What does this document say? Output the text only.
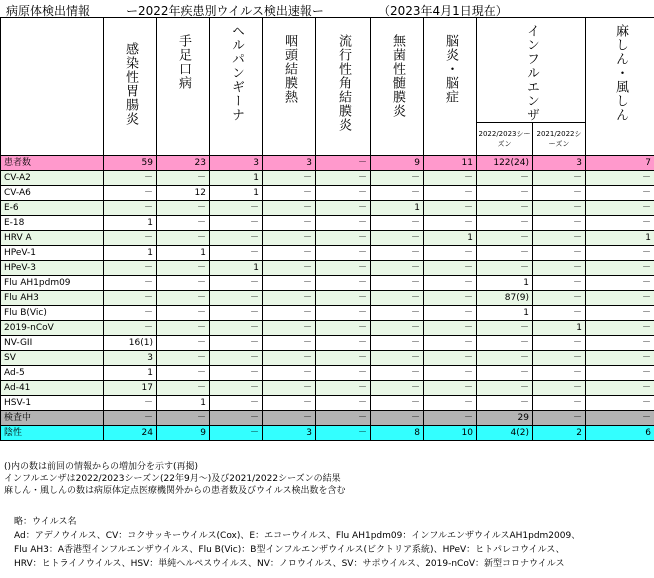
病原体検出情報	ー2022年疾患別ウイルス検出速報ー	（2023年4月1日現在）

	感染性胃腸炎	手足口病	ヘルパンギーナ	咽頭結膜熱	流行性角結膜炎	無菌性髄膜炎	脳炎・脳症	インフルエンザ		麻しん・風しん

								2022/2023シーズン	2021/2022シーズン	
患者数	59	23	3	3	－	9	11	122(24)	3	7
CV-A2	－	－	1	－	－	－	－	－	－	－
CV-A6	－	12	1	－	－	－	－	－	－	－
E-6	－	－	－	－	－	1	－	－	－	－
E-18	1	－	－	－	－	－	－	－	－	－
HRV A	－	－	－	－	－	－	1	－	－	1
HPeV-1	1	1	－	－	－	－	－	－	－	－
HPeV-3	－	－	1	－	－	－	－	－	－	－
Flu AH1pdm09	－	－	－	－	－	－	－	1	－	－
Flu AH3	－	－	－	－	－	－	－	87(9)	－	－
Flu B(Vic)	－	－	－	－	－	－	－	1	－	－
2019-nCoV	－	－	－	－	－	－	－	－	1	－
NV-GII	16(1)	－	－	－	－	－	－	－	－	－
SV	3	－	－	－	－	－	－	－	－	－
Ad-5	1	－	－	－	－	－	－	－	－	－
Ad-41	17	－	－	－	－	－	－	－	－	－
HSV-1	－	1	－	－	－	－	－	－	－	－
検査中	－	－	－	－	－	－	－	29	－	－
陰性	24	9	－	3	－	8	10	4(2)	2	6
()内の数は前回の情報からの増加分を示す(再掲)
インフルエンザは2022/2023シーズン(22年9月～)及び2021/2022シーズンの結果
麻しん・風しんの数は病原体定点医療機関外からの患者数及びウイルス検出数を含む
略：ウイルス名
Ad：アデノウイルス、CV：コクサッキーウイルス(Cox)、E：エコーウイルス、Flu AH1pdm09：インフルエンザウイルスAH1pdm2009、
Flu AH3：A香港型インフルエンザウイルス、Flu B(Vic)：B型インフルエンザウイルス(ビクトリア系統)、HPeV：ヒトパレコウイルス、
HRV：ヒトライノウイルス、HSV：単純ヘルペスウイルス、NV：ノロウイルス、SV：サポウイルス、2019-nCoV：新型コロナウイルス
